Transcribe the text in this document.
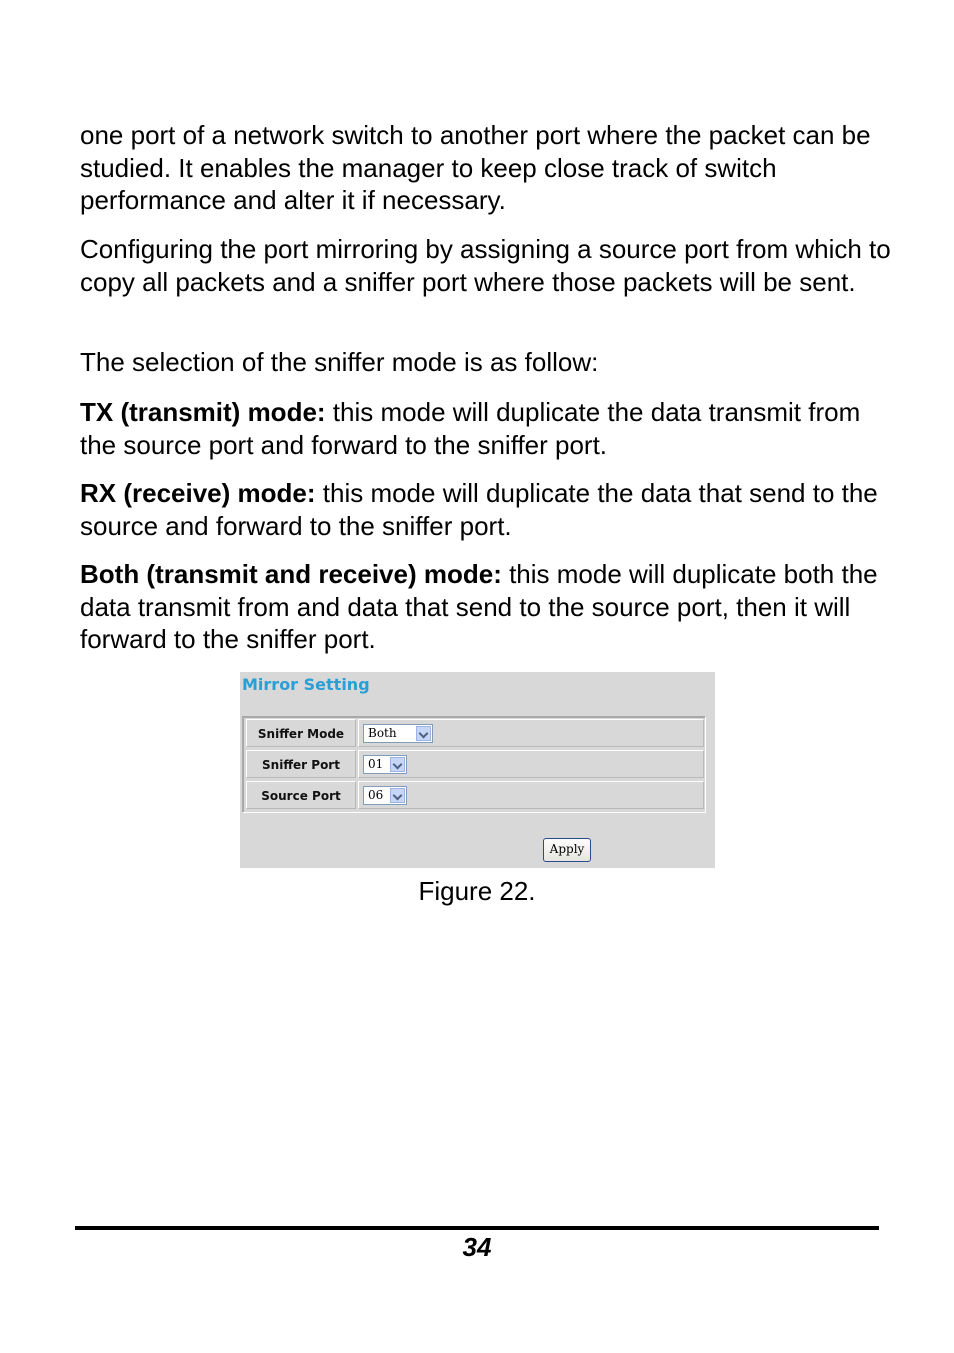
one port of a network switch to another port where the packet can be studied. It enables the manager to keep close track of switch performance and alter it if necessary.

Configuring the port mirroring by assigning a source port from which to copy all packets and a sniffer port where those packets will be sent.

The selection of the sniffer mode is as follow:

TX (transmit) mode: this mode will duplicate the data transmit from the source port and forward to the sniffer port.

RX (receive) mode: this mode will duplicate the data that send to the source and forward to the sniffer port.

Both (transmit and receive) mode: this mode will duplicate both the data transmit from and data that send to the source port, then it will forward to the sniffer port.

Mirror Setting
Sniffer Mode	Both
Sniffer Port	01
Source Port	06
Apply
Figure 22.
34
